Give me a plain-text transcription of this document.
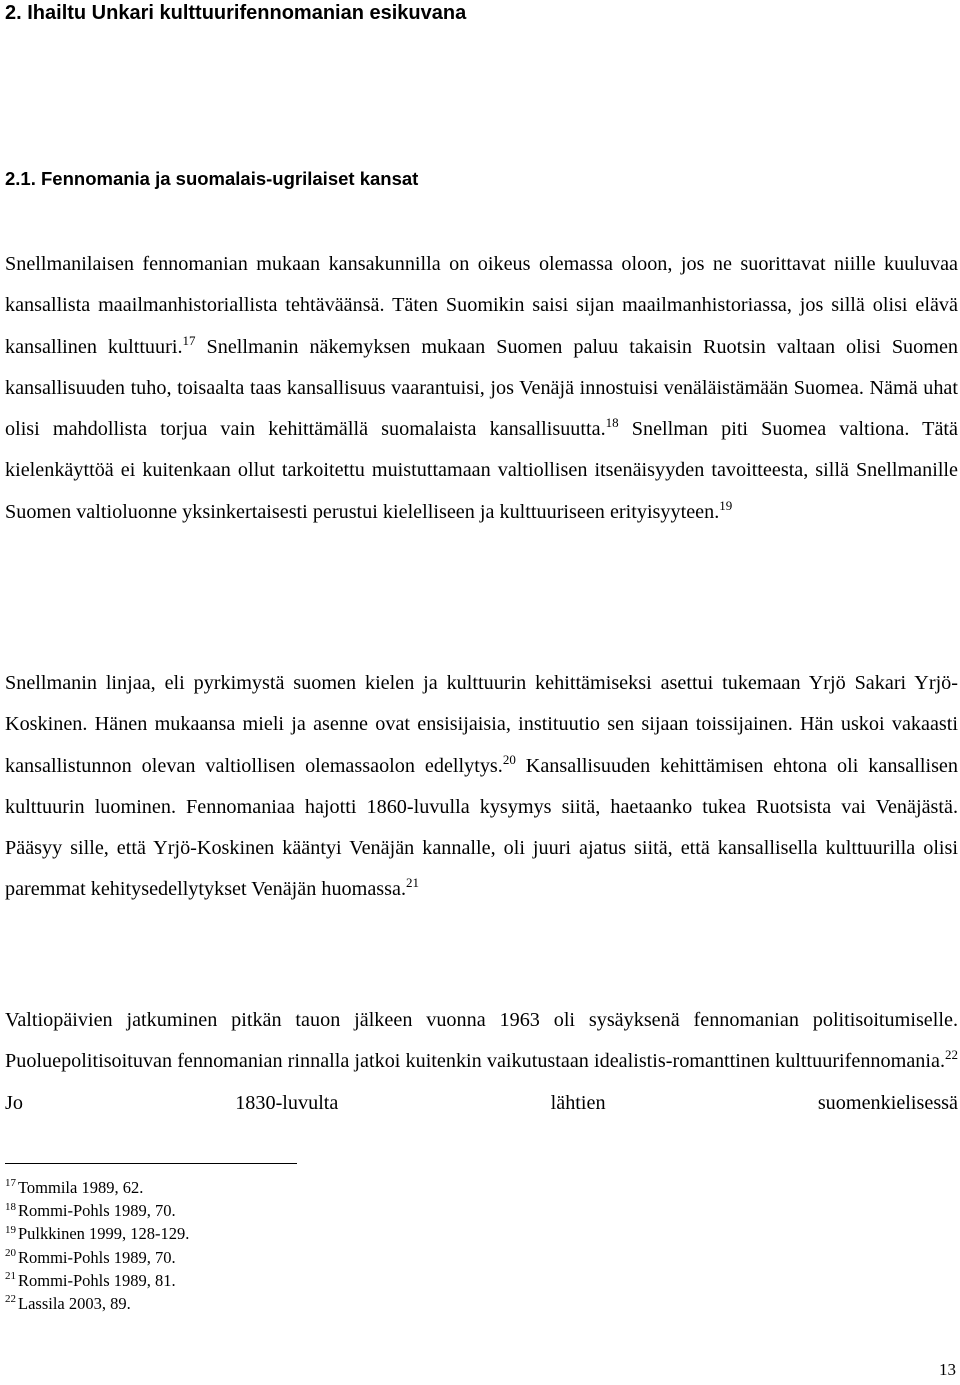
2. Ihailtu Unkari kulttuurifennomanian esikuvana
2.1. Fennomania ja suomalais-ugrilaiset kansat

Snellmanilaisen fennomanian mukaan kansakunnilla on oikeus olemassa oloon, jos ne suorittavat niille kuuluvaa kansallista maailmanhistoriallista tehtäväänsä. Täten Suomikin saisi sijan maailmanhistoriassa, jos sillä olisi elävä kansallinen kulttuuri.$^{17}$ Snellmanin näkemyksen mukaan Suomen paluu takaisin Ruotsin valtaan olisi Suomen kansallisuuden tuho, toisaalta taas kansallisuus vaarantuisi, jos Venäjä innostuisi venäläistämään Suomea. Nämä uhat olisi mahdollista torjua vain kehittämällä suomalaista kansallisuutta.$^{18}$ Snellman piti Suomea valtiona. Tätä kielenkäyttöä ei kuitenkaan ollut tarkoitettu muistuttamaan valtiollisen itsenäisyyden tavoitteesta, sillä Snellmanille Suomen valtioluonne yksinkertaisesti perustui kielelliseen ja kulttuuriseen erityisyyteen.$^{19}$

Snellmanin linjaa, eli pyrkimystä suomen kielen ja kulttuurin kehittämiseksi asettui tukemaan Yrjö Sakari Yrjö-Koskinen. Hänen mukaansa mieli ja asenne ovat ensisijaisia, instituutio sen sijaan toissijainen. Hän uskoi vakaasti kansallistunnon olevan valtiollisen olemassaolon edellytys.$^{20}$ Kansallisuuden kehittämisen ehtona oli kansallisen kulttuurin luominen. Fennomaniaa hajotti 1860-luvulla kysymys siitä, haetaanko tukea Ruotsista vai Venäjästä. Pääsyy sille, että Yrjö-Koskinen kääntyi Venäjän kannalle, oli juuri ajatus siitä, että kansallisella kulttuurilla olisi paremmat kehitysedellytykset Venäjän huomassa.$^{21}$

Valtiopäivien jatkuminen pitkän tauon jälkeen vuonna 1963 oli sysäyksenä fennomanian politisoitumiselle. Puoluepolitisoituvan fennomanian rinnalla jatkoi kuitenkin vaikutustaan idealistis-romanttinen kulttuurifennomania.$^{22}$ Jo 1830-luvulta lähtien suomenkielisessä

$^{17}$ Tommila 1989, 62.
$^{18}$ Rommi-Pohls 1989, 70.
$^{19}$ Pulkkinen 1999, 128-129.
$^{20}$ Rommi-Pohls 1989, 70.
$^{21}$ Rommi-Pohls 1989, 81.
$^{22}$ Lassila 2003, 89.
13
